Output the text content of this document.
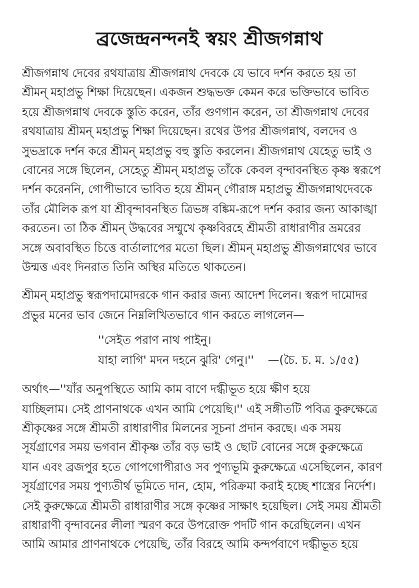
ব্রজেন্দ্রনন্দনই স্বয়ং শ্রীজগন্নাথ
শ্রীজগন্নাথ দেবের রথযাত্রায় শ্রীজগন্নাথ দেবকে যে ভাবে দর্শন করতে হয় তা
শ্রীমন্‌ মহাপ্রভু শিক্ষা দিয়েছেন। একজন শুদ্ধভক্ত কেমন করে ভক্তিভাবে ভাবিত
হয়ে শ্রীজগন্নাথ দেবকে স্তুতি করেন, তাঁর গুণগান করেন, তা শ্রীজগন্নাথ দেবের
রথযাত্রায় শ্রীমন্‌ মহাপ্রভু শিক্ষা দিয়েছেন। রথের উপর শ্রীজগন্নাথ, বলদেব ও
সুভদ্রাকে দর্শন করে শ্রীমন্‌ মহাপ্রভু বহু স্তুতি করলেন। শ্রীজগন্নাথ যেহেতু ভাই ও
বোনের সঙ্গে ছিলেন, সেহেতু শ্রীমন্‌ মহাপ্রভু তাঁকে কেবল বৃন্দাবনস্থিত কৃষ্ণ স্বরূপে
দর্শন করেননি, গোপীভাবে ভাবিত হয়ে শ্রীমন্‌ গৌরাঙ্গ মহাপ্রভু শ্রীজগন্নাথদেবকে
তাঁর মৌলিক রূপ যা শ্রীবৃন্দাবনস্থিত ত্রিভঙ্গ বঙ্কিম-রূপে দর্শন করার জন্য আকাঙ্খা
করতেন। তা ঠিক শ্রীমন্‌ উদ্ধবের সম্মুখে কৃষ্ণবিরহে শ্রীমতী রাধারাণীর ভ্রমরের
সঙ্গে অবাবস্থিত চিত্তে বার্তালাপের মতো ছিল। শ্রীমন্‌ মহাপ্রভু শ্রীজগন্নাথের ভাবে
উন্মত্ত এবং দিনরাত তিনি অস্থির মতিতে থাকতেন।
শ্রীমন্‌ মহাপ্রভু স্বরূপদামোদরকে গান করার জন্য আদেশ দিলেন। স্বরূপ দামোদর
প্রভুর মনের ভাব জেনে নিম্নলিখিতভাবে গান করতে লাগলেন—
''সেইত পরাণ নাথ পাইনু।
যাহা লাগি' মদন দহনে ঝুরি' গেনু।'' —(চৈ. চ. ম. ১/৫৫)
অর্থাৎ—''যাঁর অনুপস্থিতে আমি কাম বাণে দগ্ধীভূত হয়ে ক্ষীণ হয়ে
যাচ্ছিলাম। সেই প্রাণনাথকে এখন আমি পেয়েছি।'' এই সঙ্গীতটি পবিত্র কুরুক্ষেত্রে
শ্রীকৃষ্ণের সঙ্গে শ্রীমতী রাধারাণীর মিলনের সূচনা প্রদান করছে। এক সময়
সূর্যগ্রাণের সময় ভগবান শ্রীকৃষ্ণ তাঁর বড় ভাই ও ছোট বোনের সঙ্গে কুরুক্ষেত্রে
যান এবং ব্রজপুর হতে গোপগোপীরাও সব পুণ্যভূমি কুরুক্ষেত্রে এসেছিলেন, কারণ
সূর্যগ্রাণের সময় পুণ্যতীর্থ ভূমিতে দান, হোম, পরিক্রমা করাই হচ্ছে শাস্ত্রের নির্দেশ।
সেই কুরুক্ষেত্রে শ্রীমতী রাধারাণীর সঙ্গে কৃষ্ণের সাক্ষাৎ হয়েছিল। সেই সময় শ্রীমতী
রাধারাণী বৃন্দাবনের লীলা স্মরণ করে উপরোক্ত পদটি গান করেছিলেন। এখন
আমি আমার প্রাণনাথকে পেয়েছি, তাঁর বিরহে আমি কন্দর্পবাণে দগ্ধীভূত হয়ে
